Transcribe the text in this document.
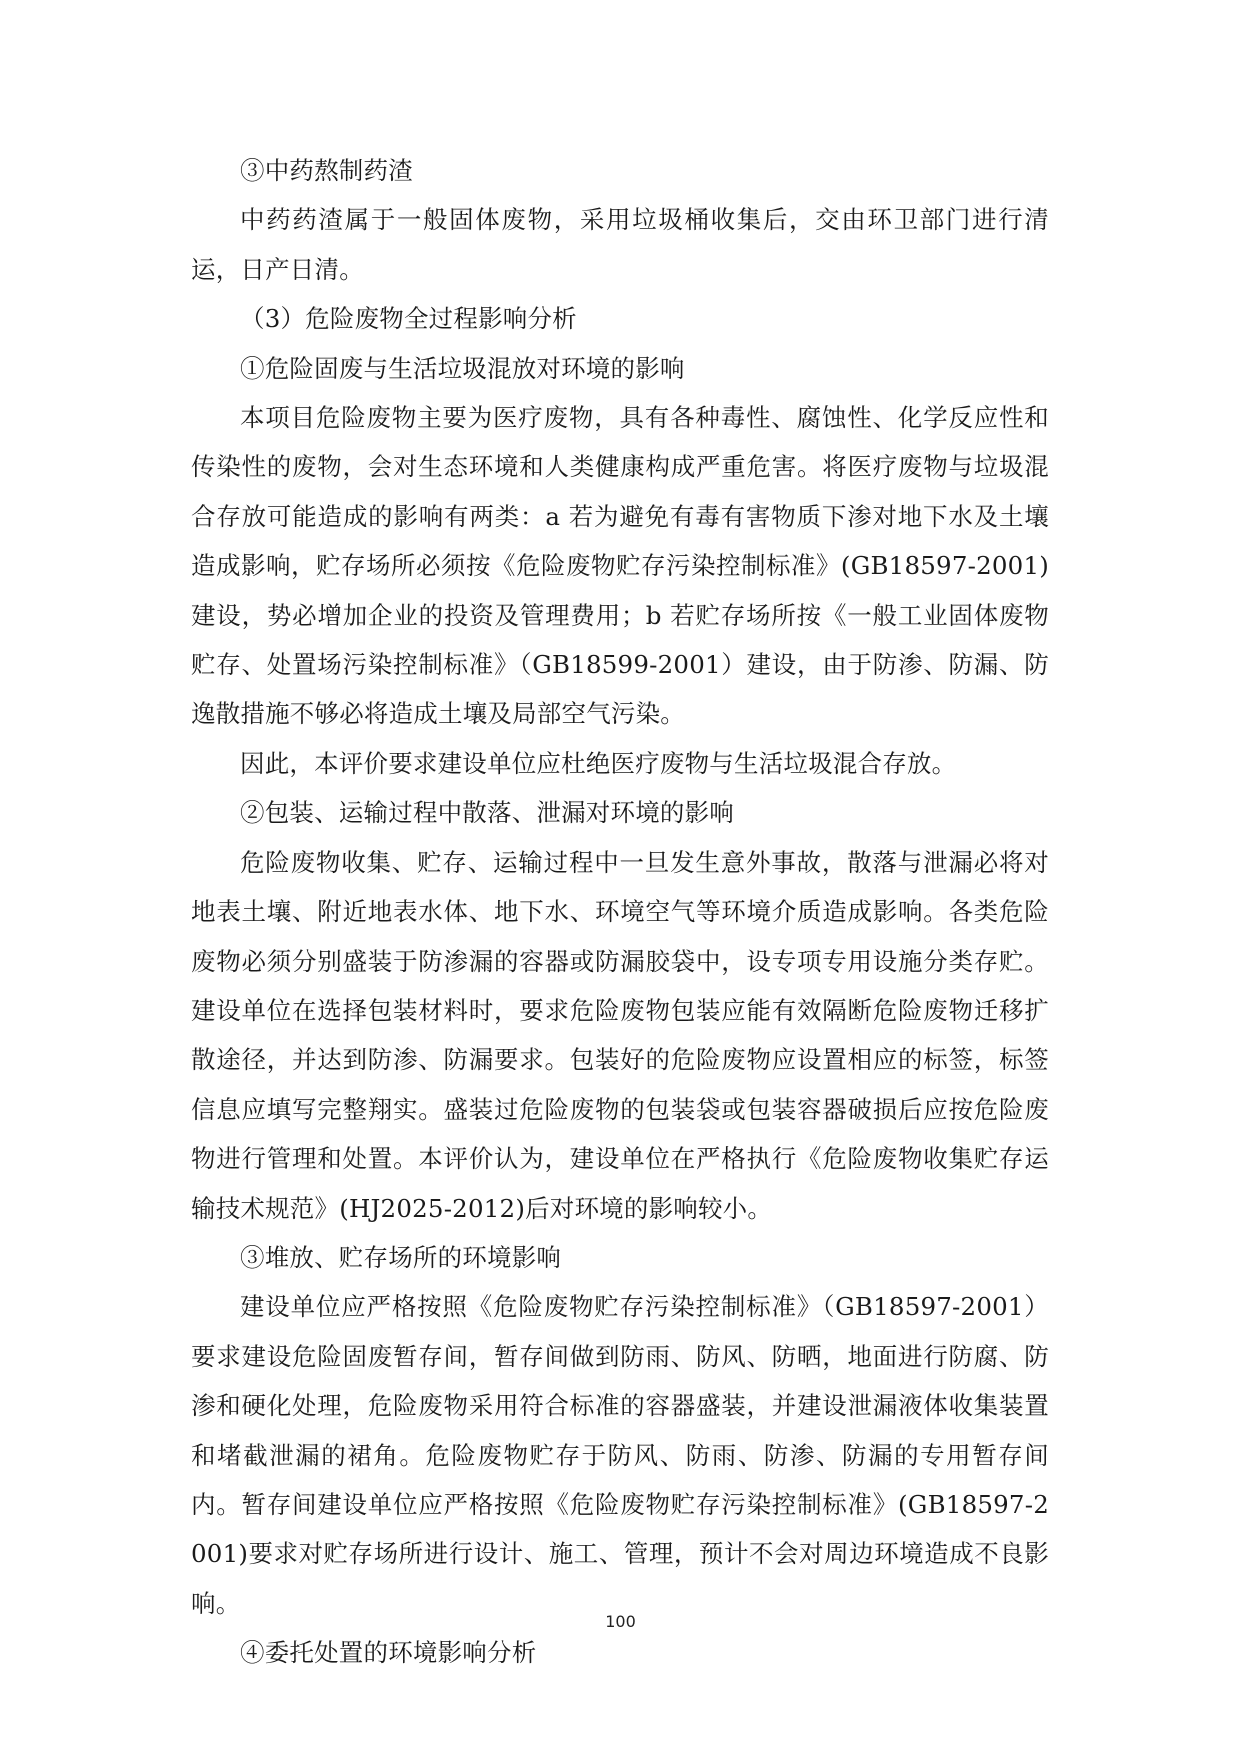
③中药熬制药渣

中药药渣属于一般固体废物，采用垃圾桶收集后，交由环卫部门进行清运，日产日清。

（3）危险废物全过程影响分析

①危险固废与生活垃圾混放对环境的影响

本项目危险废物主要为医疗废物，具有各种毒性、腐蚀性、化学反应性和传染性的废物，会对生态环境和人类健康构成严重危害。将医疗废物与垃圾混合存放可能造成的影响有两类：a 若为避免有毒有害物质下渗对地下水及土壤造成影响，贮存场所必须按《危险废物贮存污染控制标准》(GB18597-2001)建设，势必增加企业的投资及管理费用；b 若贮存场所按《一般工业固体废物贮存、处置场污染控制标准》（GB18599-2001）建设，由于防渗、防漏、防逸散措施不够必将造成土壤及局部空气污染。

因此，本评价要求建设单位应杜绝医疗废物与生活垃圾混合存放。

②包装、运输过程中散落、泄漏对环境的影响

危险废物收集、贮存、运输过程中一旦发生意外事故，散落与泄漏必将对地表土壤、附近地表水体、地下水、环境空气等环境介质造成影响。各类危险废物必须分别盛装于防渗漏的容器或防漏胶袋中，设专项专用设施分类存贮。建设单位在选择包装材料时，要求危险废物包装应能有效隔断危险废物迁移扩散途径，并达到防渗、防漏要求。包装好的危险废物应设置相应的标签，标签信息应填写完整翔实。盛装过危险废物的包装袋或包装容器破损后应按危险废物进行管理和处置。本评价认为，建设单位在严格执行《危险废物收集贮存运输技术规范》(HJ2025-2012)后对环境的影响较小。

③堆放、贮存场所的环境影响

建设单位应严格按照《危险废物贮存污染控制标准》（GB18597-2001）要求建设危险固废暂存间，暂存间做到防雨、防风、防晒，地面进行防腐、防渗和硬化处理，危险废物采用符合标准的容器盛装，并建设泄漏液体收集装置和堵截泄漏的裙角。危险废物贮存于防风、防雨、防渗、防漏的专用暂存间内。暂存间建设单位应严格按照《危险废物贮存污染控制标准》(GB18597-2001)要求对贮存场所进行设计、施工、管理，预计不会对周边环境造成不良影响。

④委托处置的环境影响分析

100
